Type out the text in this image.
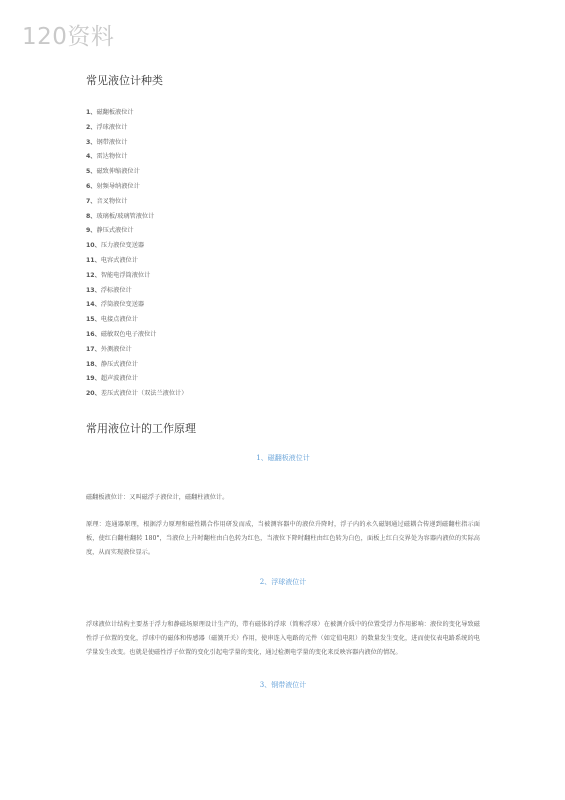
120资料
常见液位计种类
1、磁翻板液位计
2、浮球液位计
3、钢带液位计
4、雷达物位计
5、磁致伸缩液位计
6、射频导纳液位计
7、音叉物位计
8、玻璃板/玻璃管液位计
9、静压式液位计
10、压力液位变送器
11、电容式液位计
12、智能电浮筒液位计
13、浮标液位计
14、浮筒液位变送器
15、电接点液位计
16、磁敏双色电子液位计
17、外测液位计
18、静压式液位计
19、超声波液位计
20、差压式液位计（双法兰液位计）
常用液位计的工作原理
1、磁翻板液位计

磁翻板液位计：又叫磁浮子液位计，磁翻柱液位计。

原理：连通器原理，根据浮力原理和磁性耦合作用研发而成，当被测容器中的液位升降时，浮子内的永久磁钢通过磁耦合传递到磁翻柱指示面板，使红白翻柱翻转 180°，当液位上升时翻柱由白色转为红色，当液位下降时翻柱由红色转为白色，面板上红白交界处为容器内液位的实际高度，从而实现液位显示。

2、浮球液位计

浮球液位计结构主要基于浮力和静磁场原理设计生产的，带有磁体的浮球（简称浮球）在被测介质中的位置受浮力作用影响：液位的变化导致磁性浮子位置的变化，浮球中的磁体和传感器（磁簧开关）作用，使串连入电路的元件（如定值电阻）的数量发生变化，进而使仪表电路系统的电学量发生改变。也就是使磁性浮子位置的变化引起电学量的变化，通过检测电学量的变化来反映容器内液位的情况。

3、钢带液位计
